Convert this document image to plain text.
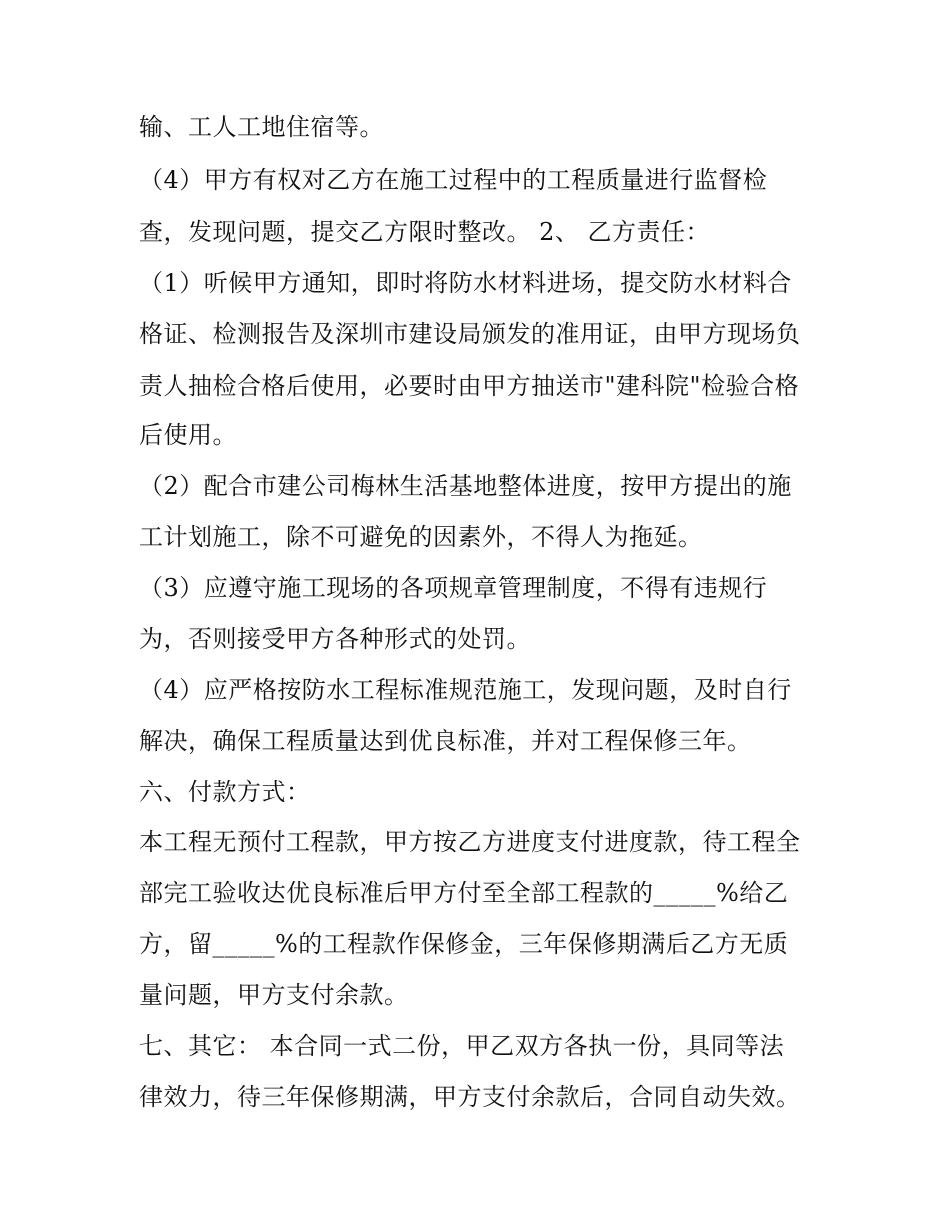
输、工人工地住宿等。
（4）甲方有权对乙方在施工过程中的工程质量进行监督检
查，发现问题，提交乙方限时整改。 2、 乙方责任：
（1）听候甲方通知，即时将防水材料进场，提交防水材料合
格证、检测报告及深圳市建设局颁发的准用证，由甲方现场负
责人抽检合格后使用，必要时由甲方抽送市"建科院"检验合格
后使用。
（2）配合市建公司梅林生活基地整体进度，按甲方提出的施
工计划施工，除不可避免的因素外，不得人为拖延。
（3）应遵守施工现场的各项规章管理制度，不得有违规行
为，否则接受甲方各种形式的处罚。
（4）应严格按防水工程标准规范施工，发现问题，及时自行
解决，确保工程质量达到优良标准，并对工程保修三年。
六、付款方式：
本工程无预付工程款，甲方按乙方进度支付进度款，待工程全
部完工验收达优良标准后甲方付至全部工程款的_____%给乙
方，留_____%的工程款作保修金，三年保修期满后乙方无质
量问题，甲方支付余款。
七、其它： 本合同一式二份，甲乙双方各执一份，具同等法
律效力，待三年保修期满，甲方支付余款后，合同自动失效。
